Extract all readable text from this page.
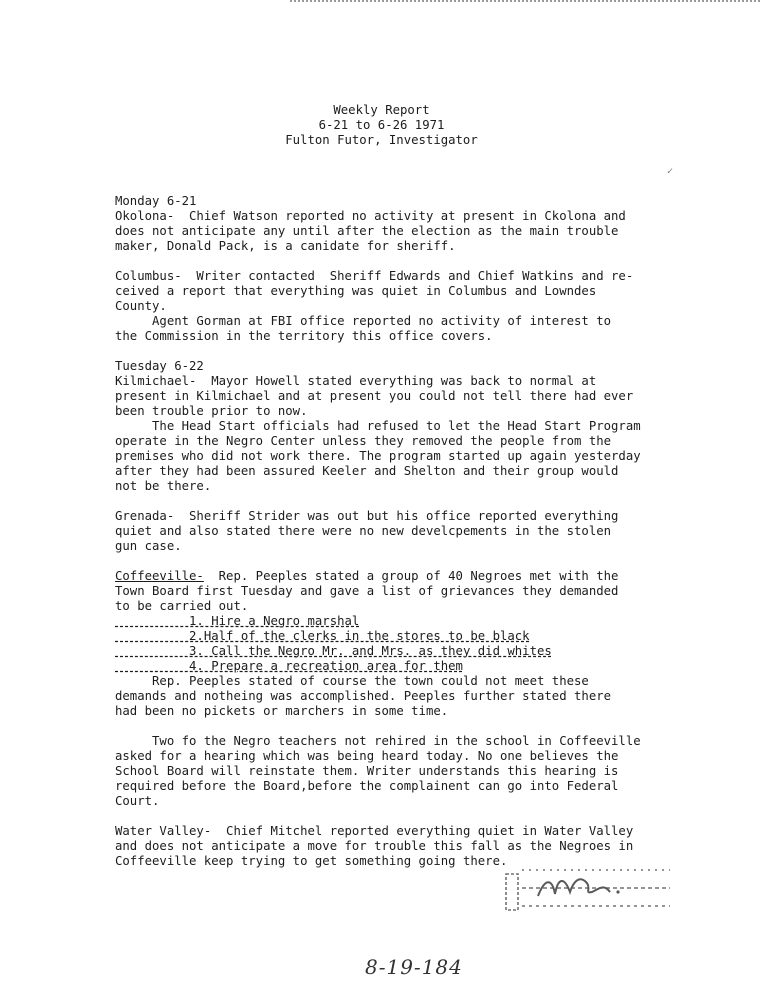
Weekly Report
6-21 to 6-26 1971
Fulton Futor, Investigator
✓
Monday 6-21
Okolona-  Chief Watson reported no activity at present in Ckolona and
does not anticipate any until after the election as the main trouble
maker, Donald Pack, is a canidate for sheriff.
Columbus-  Writer contacted  Sheriff Edwards and Chief Watkins and re-
ceived a report that everything was quiet in Columbus and Lowndes
County.
Agent Gorman at FBI office reported no activity of interest to
the Commission in the territory this office covers.
Tuesday 6-22
Kilmichael-  Mayor Howell stated everything was back to normal at
present in Kilmichael and at present you could not tell there had ever
been trouble prior to now.
The Head Start officials had refused to let the Head Start Program
operate in the Negro Center unless they removed the people from the
premises who did not work there. The program started up again yesterday
after they had been assured Keeler and Shelton and their group would
not be there.
Grenada-  Sheriff Strider was out but his office reported everything
quiet and also stated there were no new develcpements in the stolen
gun case.
Coffeeville-  Rep. Peeples stated a group of 40 Negroes met with the
Town Board first Tuesday and gave a list of grievances they demanded
to be carried out.
1. Hire a Negro marshal
2.Half of the clerks in the stores to be black
3. Call the Negro Mr. and Mrs. as they did whites
4. Prepare a recreation area for them
Rep. Peeples stated of course the town could not meet these
demands and notheing was accomplished. Peeples further stated there
had been no pickets or marchers in some time.
Two fo the Negro teachers not rehired in the school in Coffeeville
asked for a hearing which was being heard today. No one believes the
School Board will reinstate them. Writer understands this hearing is
required before the Board,before the complainent can go into Federal
Court.
Water Valley-  Chief Mitchel reported everything quiet in Water Valley
and does not anticipate a move for trouble this fall as the Negroes in
Coffeeville keep trying to get something going there.
8-19-184
